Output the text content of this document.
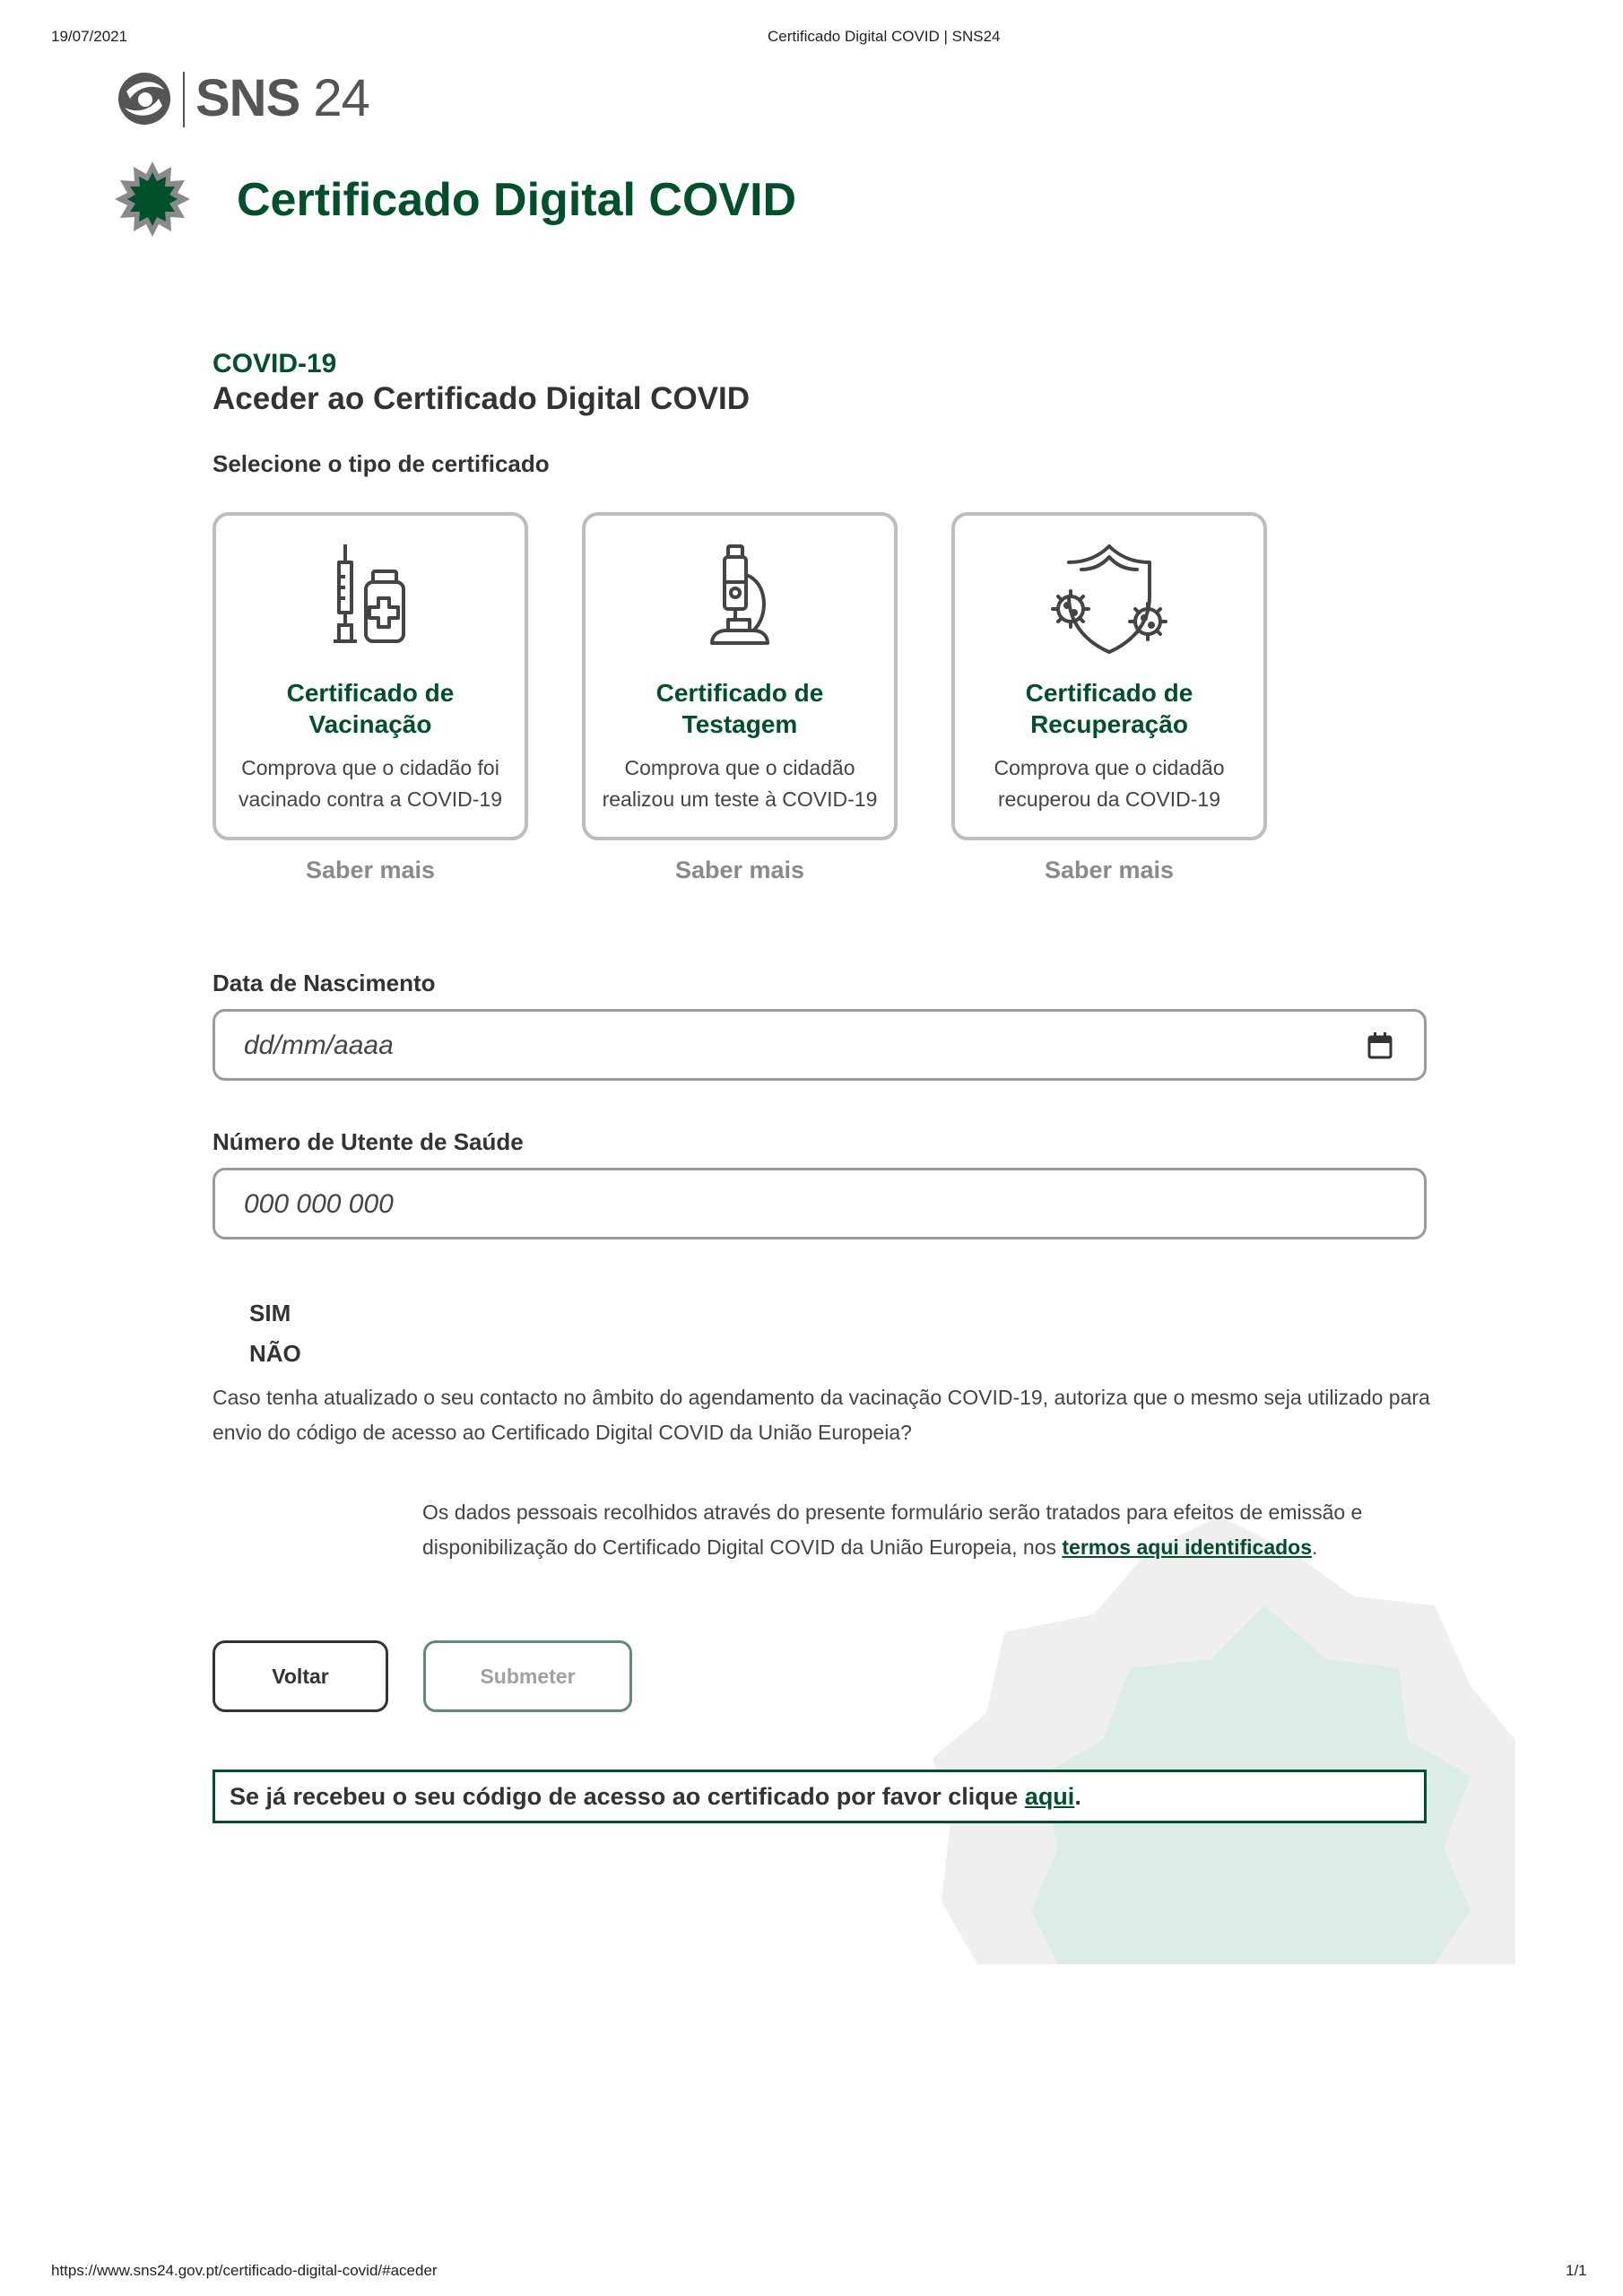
19/07/2021	Certificado Digital COVID | SNS24
https://www.sns24.gov.pt/certificado-digital-covid/#aceder	1/1
SNS 24
Certificado Digital COVID
COVID-19
Aceder ao Certificado Digital COVID
Selecione o tipo de certificado
Certificado de
Vacinação
Comprova que o cidadão foi
vacinado contra a COVID-19
Saber mais
Certificado de
Testagem
Comprova que o cidadão
realizou um teste à COVID-19
Saber mais
Certificado de
Recuperação
Comprova que o cidadão
recuperou da COVID-19
Saber mais
Data de Nascimento
dd/mm/aaaa
Número de Utente de Saúde
000 000 000
SIM
NÃO
Caso tenha atualizado o seu contacto no âmbito do agendamento da vacinação COVID-19, autoriza que o mesmo seja utilizado para
envio do código de acesso ao Certificado Digital COVID da União Europeia?
Os dados pessoais recolhidos através do presente formulário serão tratados para efeitos de emissão e
disponibilização do Certificado Digital COVID da União Europeia, nos termos aqui identificados.
Voltar	Submeter
Se já recebeu o seu código de acesso ao certificado por favor clique aqui.
